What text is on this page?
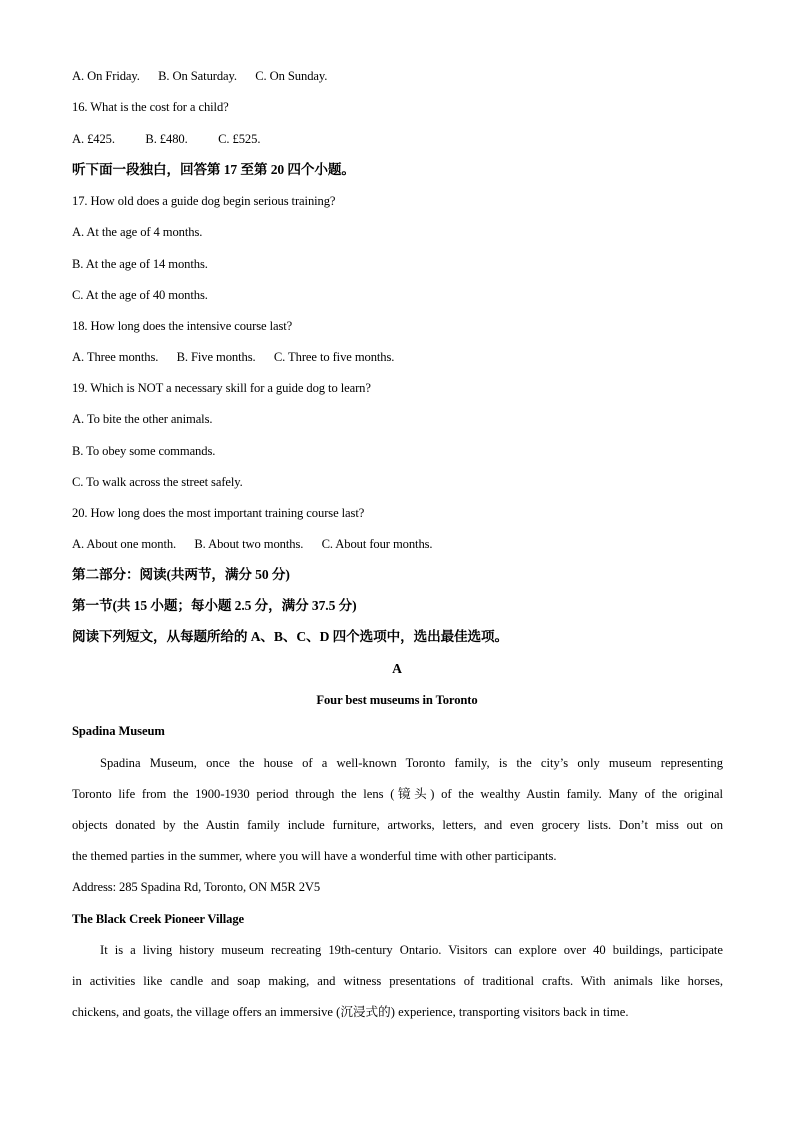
A. On Friday.      B. On Saturday.      C. On Sunday.
16. What is the cost for a child?
A. £425.          B. £480.          C. £525.
听下面一段独白，回答第 17 至第 20 四个小题。
17. How old does a guide dog begin serious training?
A. At the age of 4 months.
B. At the age of 14 months.
C. At the age of 40 months.
18. How long does the intensive course last?
A. Three months.      B. Five months.      C. Three to five months.
19. Which is NOT a necessary skill for a guide dog to learn?
A. To bite the other animals.
B. To obey some commands.
C. To walk across the street safely.
20. How long does the most important training course last?
A. About one month.      B. About two months.      C. About four months.
第二部分：阅读(共两节，满分 50 分)
第一节(共 15 小题；每小题 2.5 分，满分 37.5 分)
阅读下列短文，从每题所给的 A、B、C、D 四个选项中，选出最佳选项。
A
Four best museums in Toronto
Spadina Museum
Spadina Museum, once the house of a well-known Toronto family, is the city’s only museum representing
Toronto life from the 1900-1930 period through the lens (镜头) of the wealthy Austin family. Many of the original
objects donated by the Austin family include furniture, artworks, letters, and even grocery lists. Don’t miss out on
the themed parties in the summer, where you will have a wonderful time with other participants.
Address: 285 Spadina Rd, Toronto, ON M5R 2V5
The Black Creek Pioneer Village
It is a living history museum recreating 19th-century Ontario. Visitors can explore over 40 buildings, participate
in activities like candle and soap making, and witness presentations of traditional crafts. With animals like horses,
chickens, and goats, the village offers an immersive (沉浸式的) experience, transporting visitors back in time.
